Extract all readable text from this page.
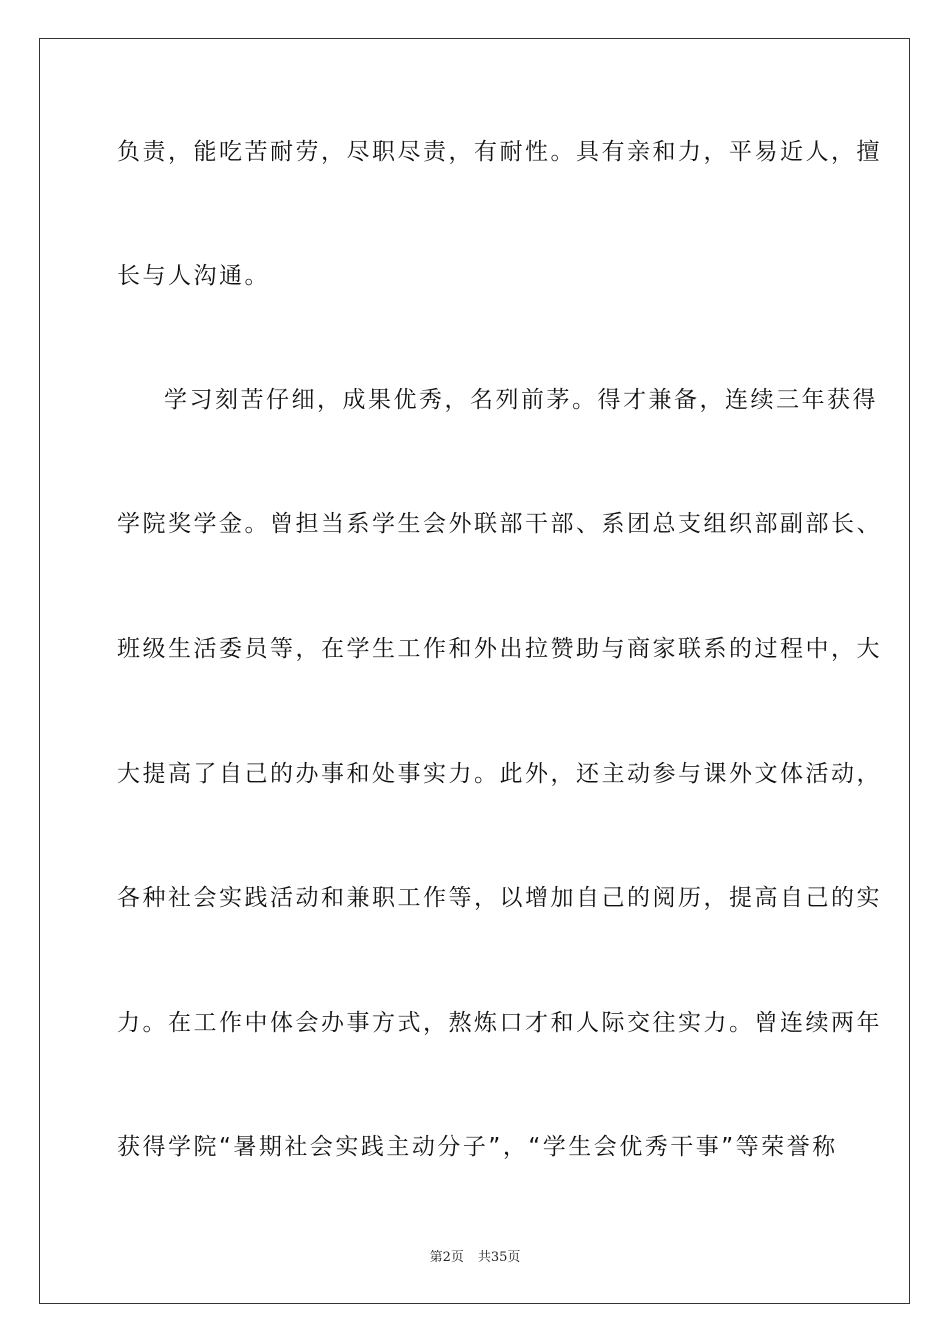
负责，能吃苦耐劳，尽职尽责，有耐性。具有亲和力，平易近人，擅
长与人沟通。
学习刻苦仔细，成果优秀，名列前茅。得才兼备，连续三年获得
学院奖学金。曾担当系学生会外联部干部、系团总支组织部副部长、
班级生活委员等，在学生工作和外出拉赞助与商家联系的过程中，大
大提高了自己的办事和处事实力。此外，还主动参与课外文体活动，
各种社会实践活动和兼职工作等，以增加自己的阅历，提高自己的实
力。在工作中体会办事方式，熬炼口才和人际交往实力。曾连续两年
获得学院“暑期社会实践主动分子”，“学生会优秀干事”等荣誉称
第2页 共35页
